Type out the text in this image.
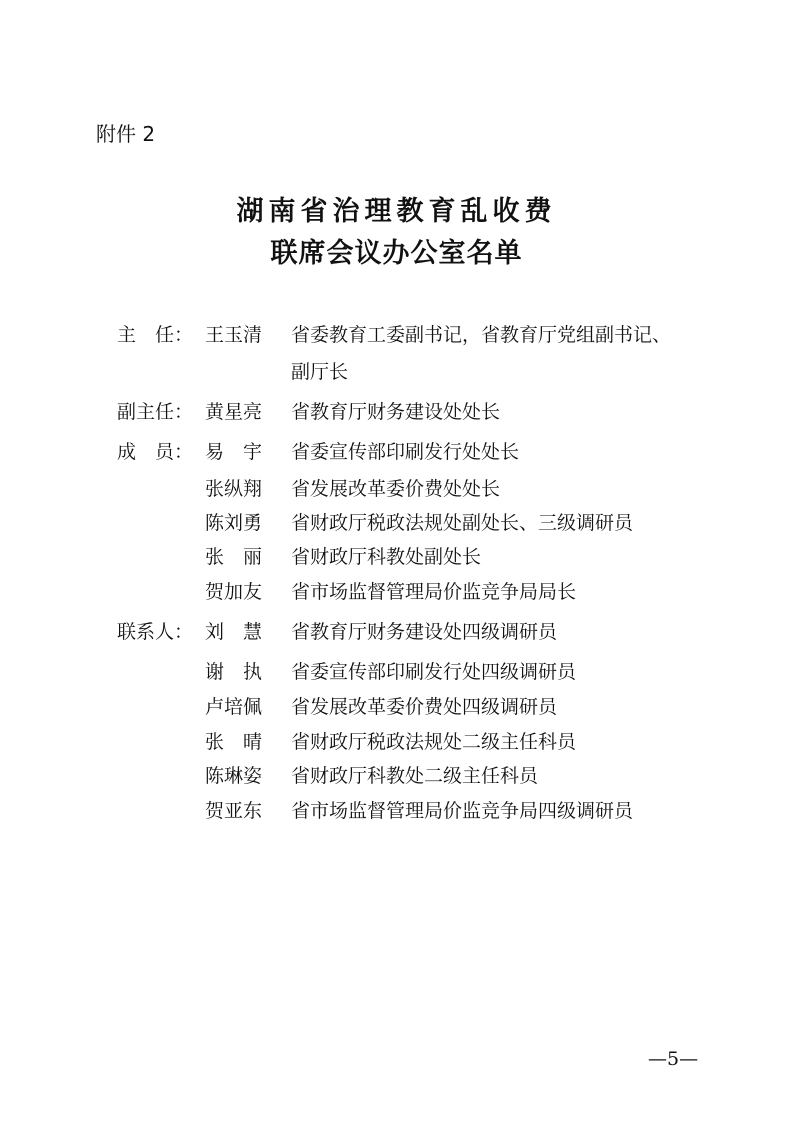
附件 2
湖南省治理教育乱收费
联席会议办公室名单
主　任： 王玉清 省委教育工委副书记，省教育厅党组副书记、
副厅长
副主任： 黄星亮 省教育厅财务建设处处长
成　员： 易　宇 省委宣传部印刷发行处处长
张纵翔 省发展改革委价费处处长
陈刘勇 省财政厅税政法规处副处长、三级调研员
张　丽 省财政厅科教处副处长
贺加友 省市场监督管理局价监竞争局局长
联系人： 刘　慧 省教育厅财务建设处四级调研员
谢　执 省委宣传部印刷发行处四级调研员
卢培佩 省发展改革委价费处四级调研员
张　晴 省财政厅税政法规处二级主任科员
陈琳姿 省财政厅科教处二级主任科员
贺亚东 省市场监督管理局价监竞争局四级调研员
—5—
